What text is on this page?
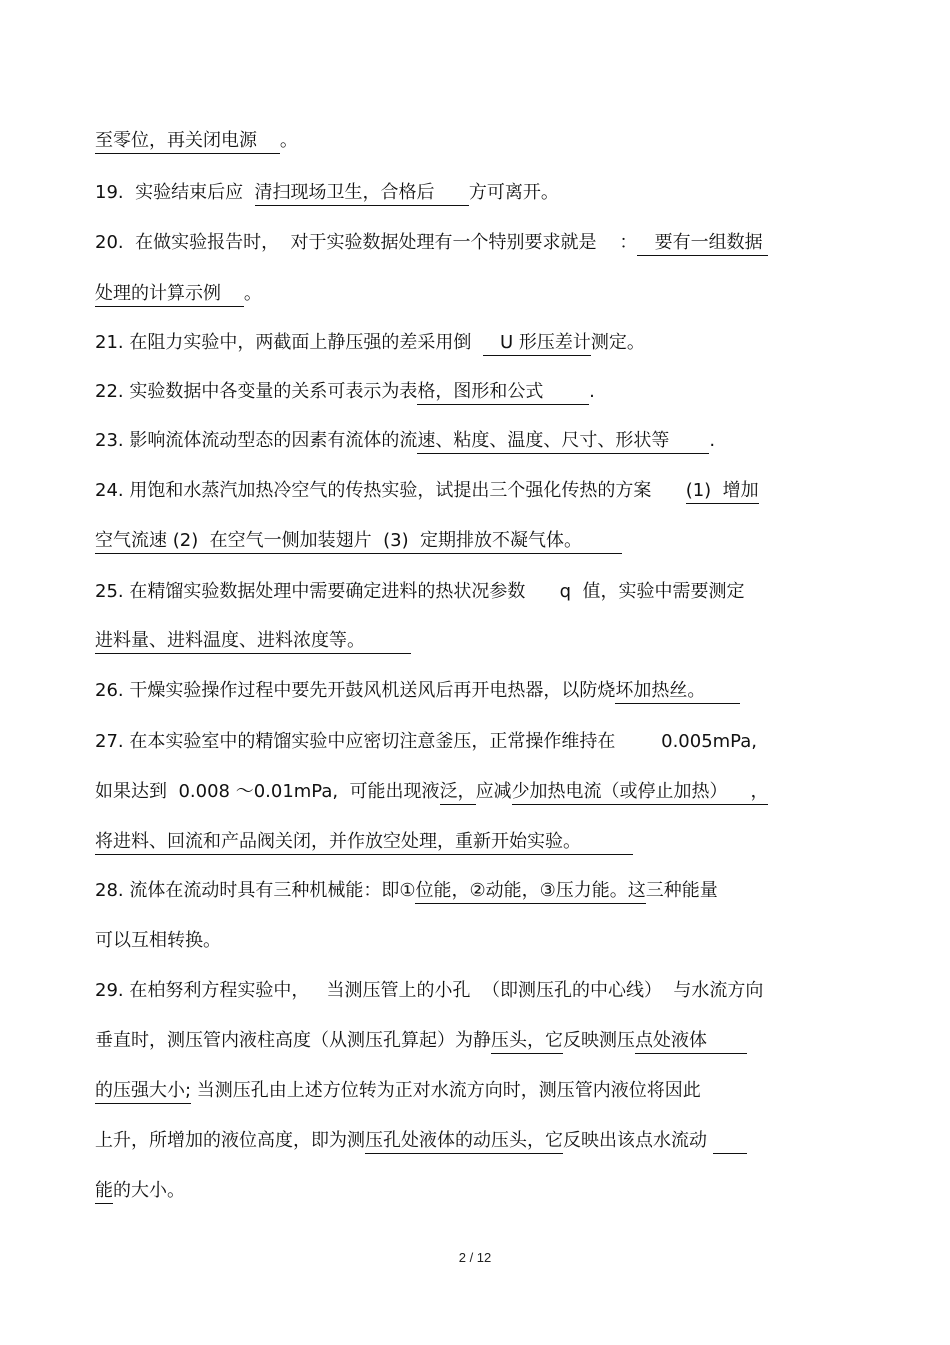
至零位，再关闭电源 。
19.  实验结束后应  清扫现场卫生，合格后 方可离开。
20.  在做实验报告时，  对于实验数据处理有一个特别要求就是    ：   要有一组数据
处理的计算示例 。
21. 在阻力实验中，两截面上静压强的差采用倒     U 形压差计测定。
22. 实验数据中各变量的关系可表示为表格，图形和公式	.
23. 影响流体流动型态的因素有流体的流速、粘度、温度、尺寸、形状等 .
24. 用饱和水蒸汽加热冷空气的传热实验，试提出三个强化传热的方案      (1)  增加
空气流速 (2)  在空气一侧加装翅片  (3)  定期排放不凝气体。
25. 在精馏实验数据处理中需要确定进料的热状况参数      q  值，实验中需要测定
进料量、进料温度、进料浓度等。
26. 干燥实验操作过程中要先开鼓风机送风后再开电热器，以防烧坏加热丝。
27. 在本实验室中的精馏实验中应密切注意釜压，正常操作维持在        0.005mPa,
如果达到  0.008 ～0.01mPa,  可能出现液泛，应减少加热电流（或停止加热）    ，
将进料、回流和产品阀关闭，并作放空处理，重新开始实验。
28. 流体在流动时具有三种机械能：即①位能，②动能，③压力能。这三种能量
可以互相转换。
29. 在柏努利方程实验中，   当测压管上的小孔  （即测压孔的中心线）  与水流方向
垂直时，测压管内液柱高度（从测压孔算起）为静压头，它反映测压点处液体
的压强大小; 当测压孔由上述方位转为正对水流方向时，测压管内液位将因此
上升，所增加的液位高度，即为测压孔处液体的动压头，它反映出该点水流动
能的大小。
2 / 12
